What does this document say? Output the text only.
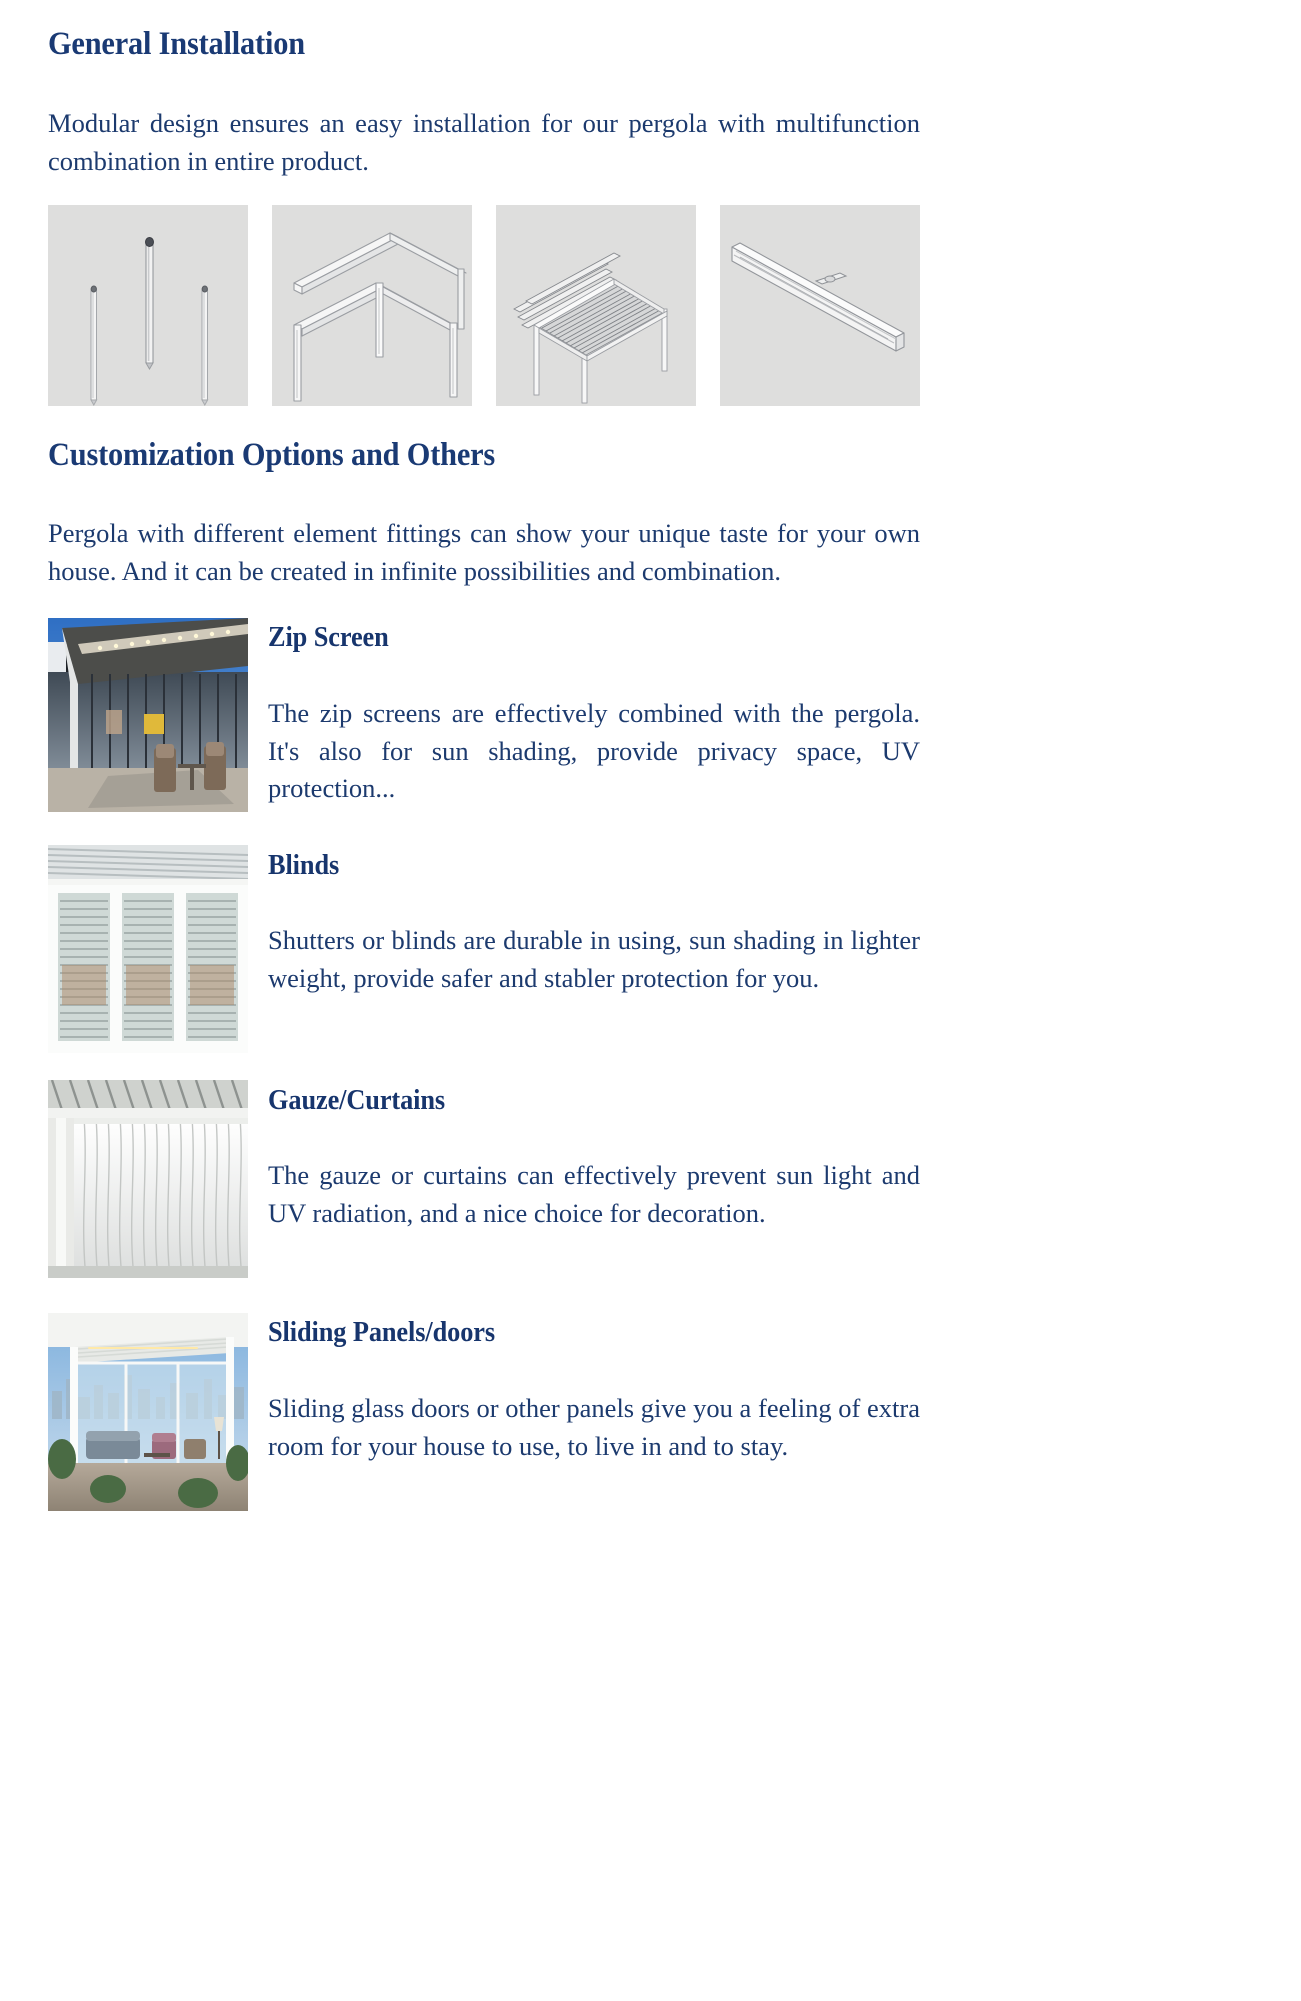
General Installation
Modular design ensures an easy installation for our pergola with multifunction combination in entire product.
Customization Options and Others
Pergola with different element fittings can show your unique taste for your own house. And it can be created in infinite possibilities and combination.
Zip Screen
The zip screens are effectively combined with the pergola. It's also for sun shading, provide privacy space, UV protection...
Blinds
Shutters or blinds are durable in using, sun shading in lighter weight, provide safer and stabler protection for you.
Gauze/Curtains
The gauze or curtains can effectively prevent sun light and UV radiation, and a nice choice for decoration.
Sliding Panels/doors
Sliding glass doors or other panels give you a feeling of extra room for your house to use, to live in and to stay.
